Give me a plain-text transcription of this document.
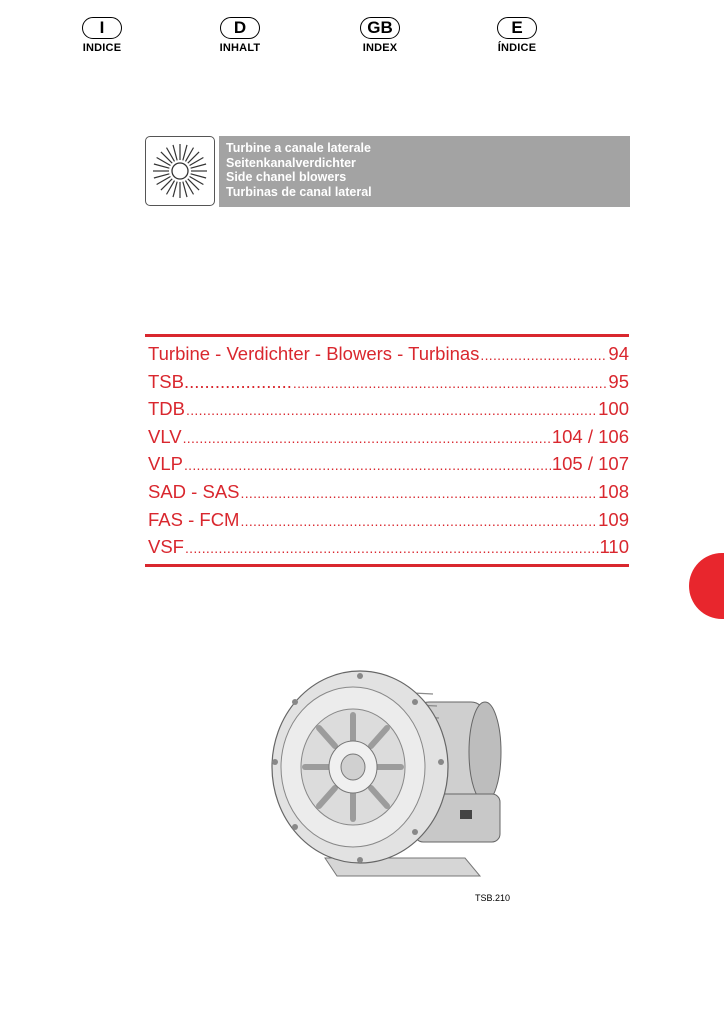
I
INDICE
D
INHALT
GB
INDEX
E
ÍNDICE
Turbine a canale laterale
Seitenkanalverdichter
Side chanel blowers
Turbinas de canal lateral
Turbine - Verdichter - Blowers - Turbinas .....	94
TSB..................... .....	95
TDB .....	100
VLV .....	104 / 106
VLP .....	105 / 107
SAD - SAS .....	108
FAS - FCM .....	109
VSF .....	110
TSB.210
